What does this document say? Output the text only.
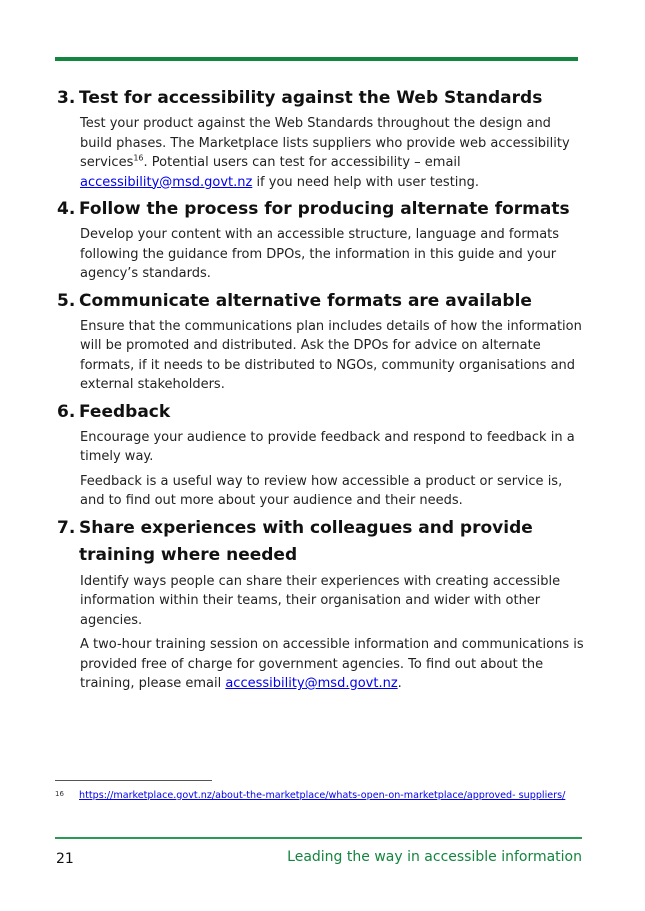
3. Test for accessibility against the Web Standards

Test your product against the Web Standards throughout the design and build phases. The Marketplace lists suppliers who provide web accessibility services$^{16}$. Potential users can test for accessibility – email accessibility@msd.govt.nz if you need help with user testing.

4. Follow the process for producing alternate formats

Develop your content with an accessible structure, language and formats following the guidance from DPOs, the information in this guide and your agency’s standards.

5. Communicate alternative formats are available

Ensure that the communications plan includes details of how the information will be promoted and distributed. Ask the DPOs for advice on alternate formats, if it needs to be distributed to NGOs, community organisations and external stakeholders.

6. Feedback

Encourage your audience to provide feedback and respond to feedback in a timely way.

Feedback is a useful way to review how accessible a product or service is, and to find out more about your audience and their needs.

7. Share experiences with colleagues and provide training where needed

Identify ways people can share their experiences with creating accessible information within their teams, their organisation and wider with other agencies.

A two-hour training session on accessible information and communications is provided free of charge for government agencies. To find out about the training, please email accessibility@msd.govt.nz.

16 https://marketplace.govt.nz/about-the-marketplace/whats-open-on-marketplace/approved- suppliers/
21	Leading the way in accessible information
